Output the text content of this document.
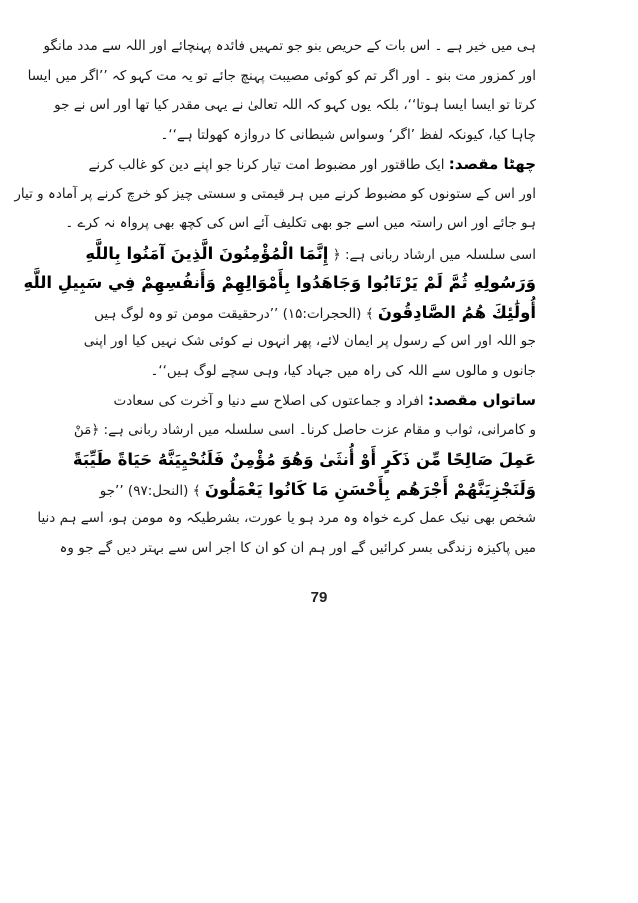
ہی میں خیر ہے ۔ اس بات کے حریص بنو جو تمہیں فائدہ پہنچائے اور اللہ سے مدد مانگو
اور کمزور مت بنو ۔ اور اگر تم کو کوئی مصیبت پہنچ جائے تو یہ مت کہو کہ ’’اگر میں ایسا
کرتا تو ایسا ایسا ہوتا‘‘، بلکہ یوں کہو کہ اللہ تعالیٰ نے یہی مقدر کیا تھا اور اس نے جو
چاہا کیا، کیونکہ لفظ ’اگر‘ وسواس شیطانی کا دروازہ کھولتا ہے‘‘۔
چھٹا مقصد: ایک طاقتور اور مضبوط امت تیار کرنا جو اپنے دین کو غالب کرنے
اور اس کے ستونوں کو مضبوط کرنے میں ہر قیمتی و سستی چیز کو خرچ کرنے پر آمادہ و تیار
ہو جائے اور اس راستہ میں اسے جو بھی تکلیف آئے اس کی کچھ بھی پرواہ نہ کرے ۔
اسی سلسلہ میں ارشاد ربانی ہے: ﴿ إِنَّمَا الْمُؤْمِنُونَ الَّذِينَ آمَنُوا بِاللَّهِ
وَرَسُولِهِ ثُمَّ لَمْ يَرْتَابُوا وَجَاهَدُوا بِأَمْوَالِهِمْ وَأَنفُسِهِمْ فِي سَبِيلِ اللَّهِ
أُولَٰئِكَ هُمُ الصَّادِقُونَ ﴾ (الحجرات:۱۵) ’’درحقیقت مومن تو وہ لوگ ہیں
جو اللہ اور اس کے رسول پر ایمان لائے، پھر انہوں نے کوئی شک نہیں کیا اور اپنی
جانوں و مالوں سے اللہ کی راہ میں جہاد کیا، وہی سچے لوگ ہیں‘‘۔
ساتواں مقصد: افراد و جماعتوں کی اصلاح سے دنیا و آخرت کی سعادت
و کامرانی، ثواب و مقام عزت حاصل کرنا۔ اسی سلسلہ میں ارشاد ربانی ہے: ﴿مَنْ
عَمِلَ صَالِحًا مِّن ذَكَرٍ أَوْ أُنثَىٰ وَهُوَ مُؤْمِنٌ فَلَنُحْيِيَنَّهُ حَيَاةً طَيِّبَةً
وَلَنَجْزِيَنَّهُمْ أَجْرَهُم بِأَحْسَنِ مَا كَانُوا يَعْمَلُونَ ﴾ (النحل:۹۷) ’’جو
شخص بھی نیک عمل کرے خواہ وہ مرد ہو یا عورت، بشرطیکہ وہ مومن ہو، اسے ہم دنیا
میں پاکیزہ زندگی بسر کرائیں گے اور ہم ان کو ان کا اجر اس سے بہتر دیں گے جو وہ
79
